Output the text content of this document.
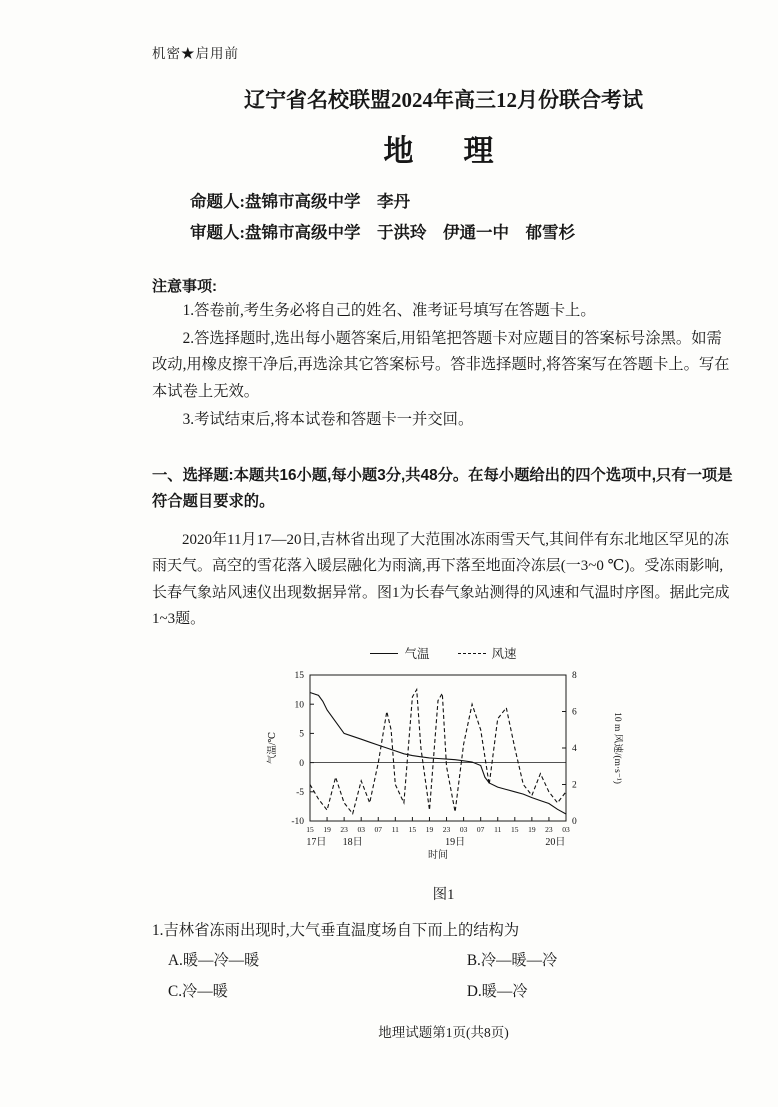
机密★启用前
辽宁省名校联盟2024年高三12月份联合考试
地　理
命题人:盘锦市高级中学　李丹
审题人:盘锦市高级中学　于洪玲　伊通一中　郁雪杉
注意事项:

1.答卷前,考生务必将自己的姓名、准考证号填写在答题卡上。

2.答选择题时,选出每小题答案后,用铅笔把答题卡对应题目的答案标号涂黑。如需改动,用橡皮擦干净后,再选涂其它答案标号。答非选择题时,将答案写在答题卡上。写在本试卷上无效。

3.考试结束后,将本试卷和答题卡一并交回。

一、选择题:本题共16小题,每小题3分,共48分。在每小题给出的四个选项中,只有一项是符合题目要求的。

2020年11月17—20日,吉林省出现了大范围冰冻雨雪天气,其间伴有东北地区罕见的冻雨天气。高空的雪花落入暖层融化为雨滴,再下落至地面冷冻层(一3~0 ℃)。受冻雨影响,长春气象站风速仪出现数据异常。图1为长春气象站测得的风速和气温时序图。据此完成1~3题。

气温	风速
15
10
5
0
-5
-10
8
6
4
2
0
15 19 23 03 07 11 15 19 23 03 07 11 15 19 23 03
17日 18日	19日	20日
时间
气温/℃	10 m 风速/(m·s⁻¹)
图1

1.吉林省冻雨出现时,大气垂直温度场自下而上的结构为

A.暖—冷—暖	B.冷—暖—冷
C.冷—暖	D.暖—冷
地理试题第1页(共8页)
